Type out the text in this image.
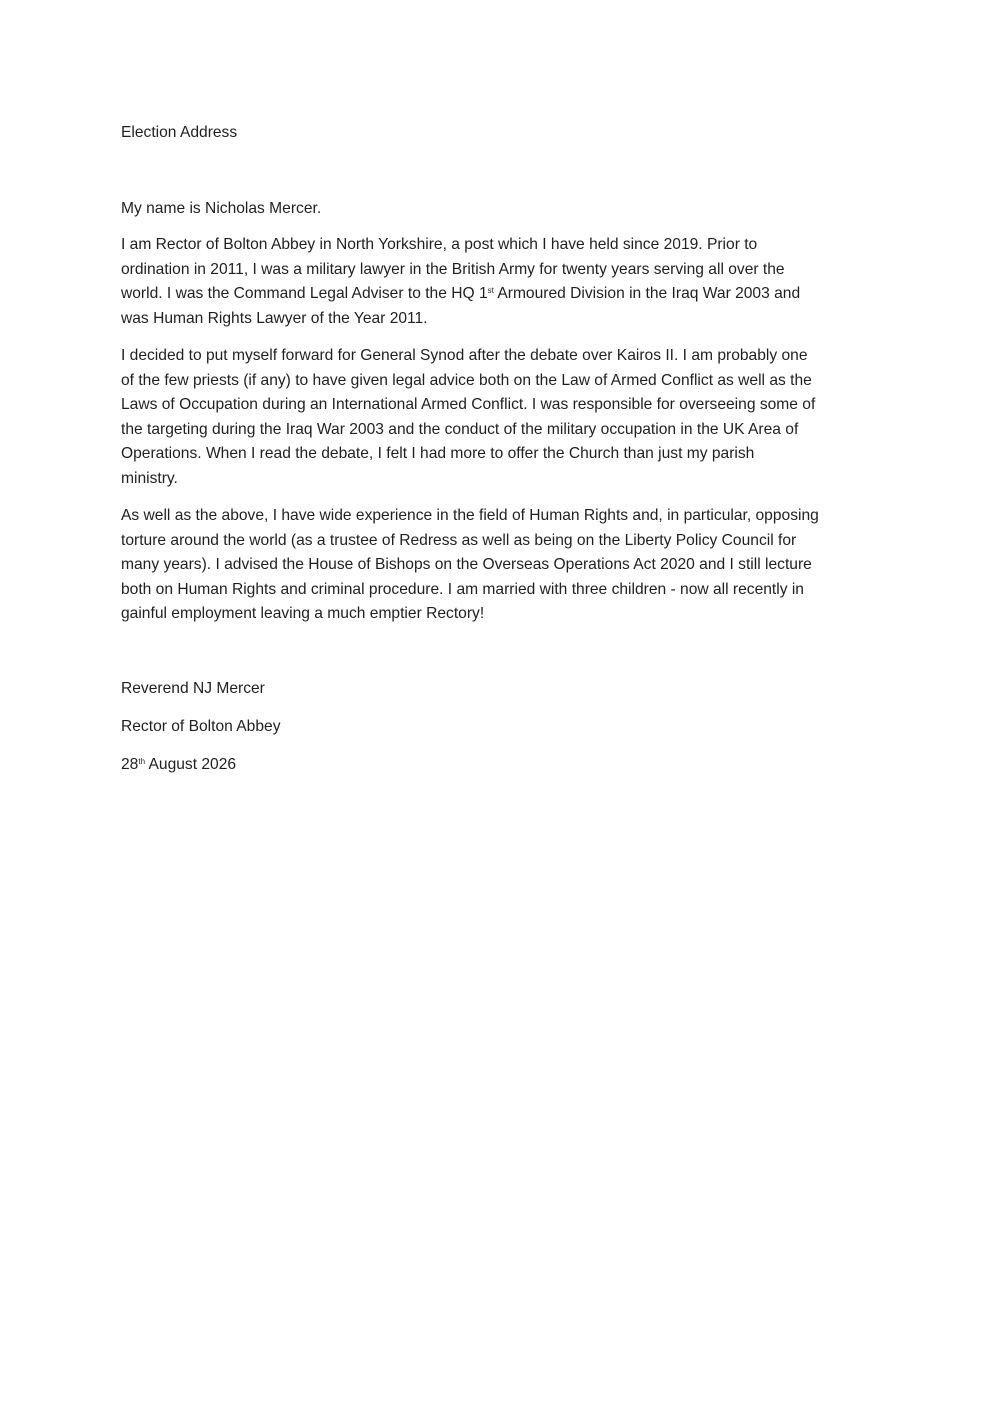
Election Address
My name is Nicholas Mercer.

I am Rector of Bolton Abbey in North Yorkshire, a post which I have held since 2019. Prior to
ordination in 2011, I was a military lawyer in the British Army for twenty years serving all over the
world. I was the Command Legal Adviser to the HQ 1st Armoured Division in the Iraq War 2003 and
was Human Rights Lawyer of the Year 2011.

I decided to put myself forward for General Synod after the debate over Kairos II. I am probably one
of the few priests (if any) to have given legal advice both on the Law of Armed Conflict as well as the
Laws of Occupation during an International Armed Conflict. I was responsible for overseeing some of
the targeting during the Iraq War 2003 and the conduct of the military occupation in the UK Area of
Operations. When I read the debate, I felt I had more to offer the Church than just my parish
ministry.

As well as the above, I have wide experience in the field of Human Rights and, in particular, opposing
torture around the world (as a trustee of Redress as well as being on the Liberty Policy Council for
many years). I advised the House of Bishops on the Overseas Operations Act 2020 and I still lecture
both on Human Rights and criminal procedure. I am married with three children - now all recently in
gainful employment leaving a much emptier Rectory!

Reverend NJ Mercer
Rector of Bolton Abbey
28th August 2026
